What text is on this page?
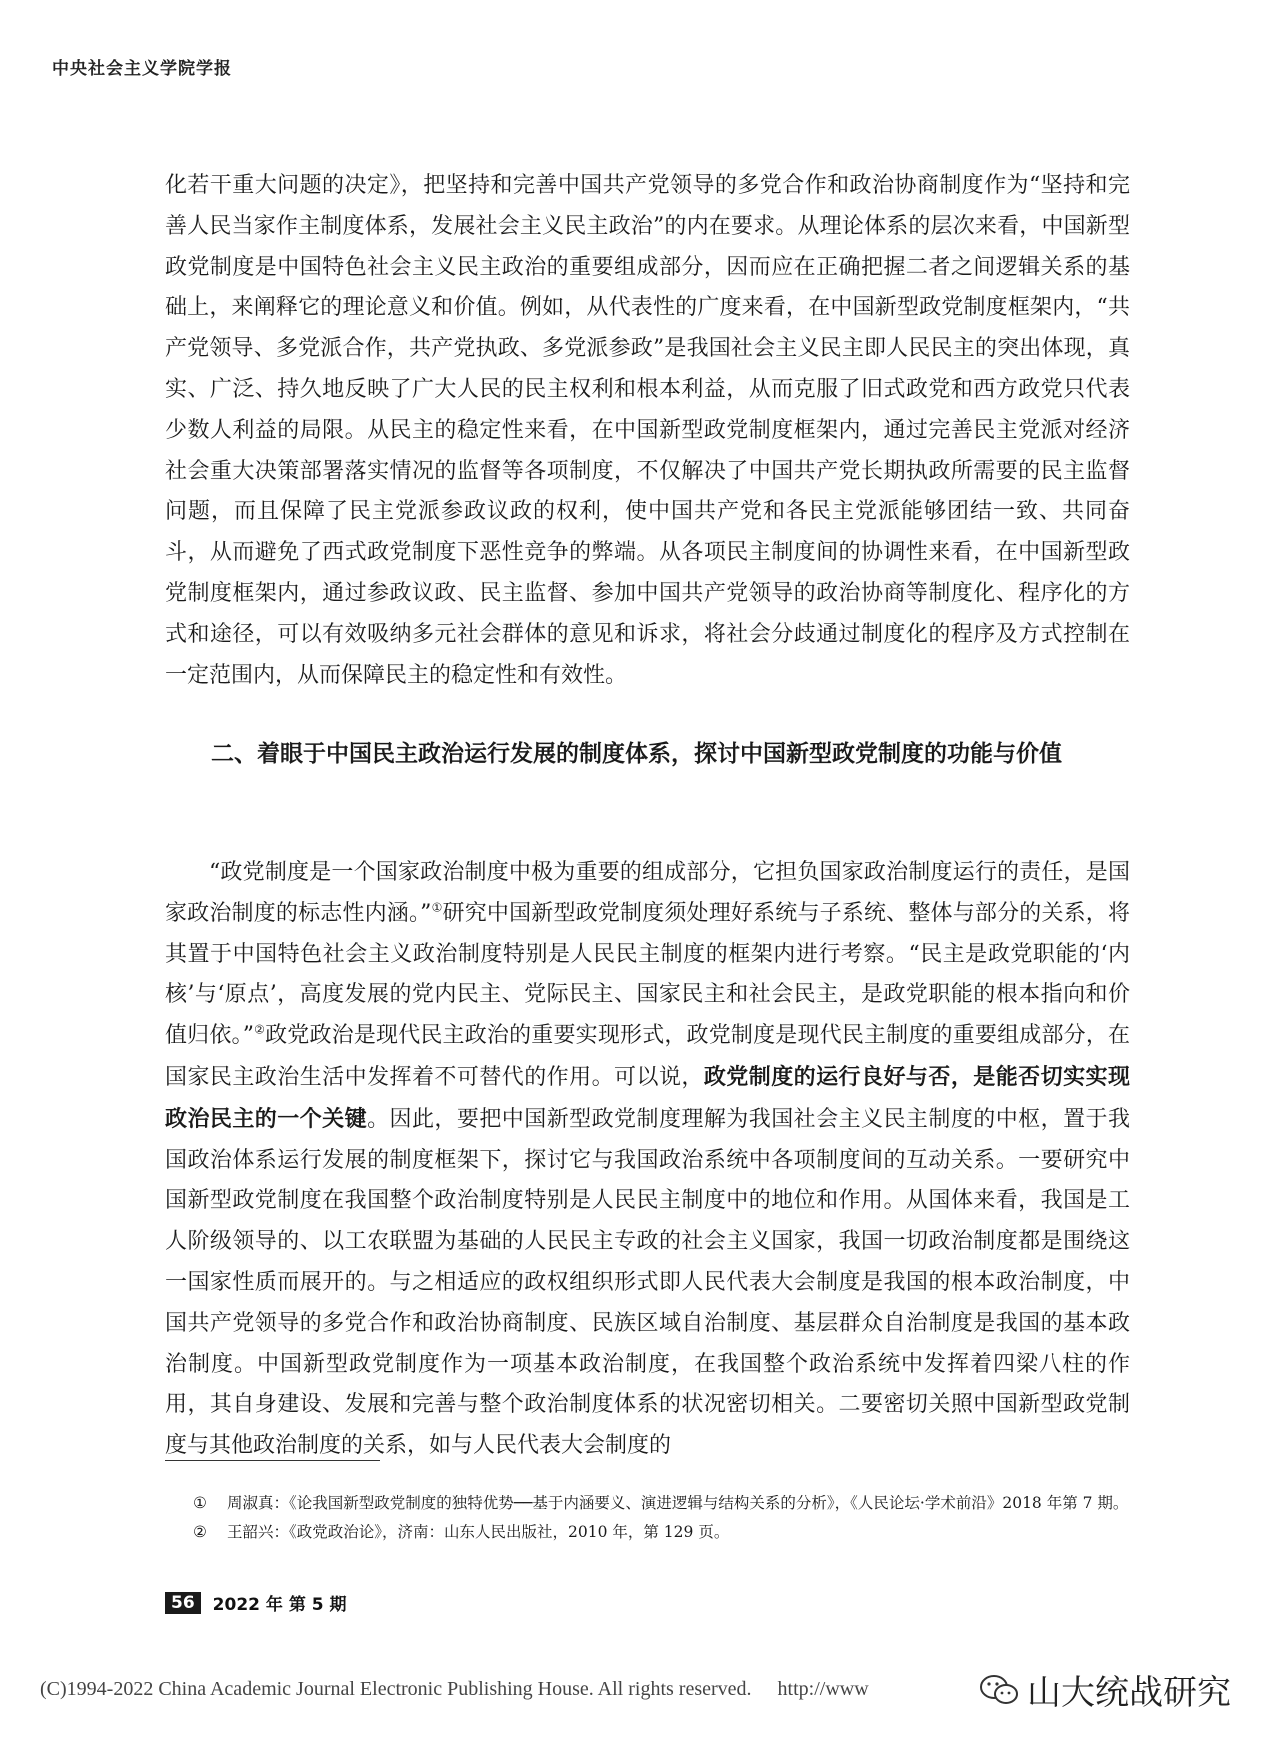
中央社会主义学院学报

化若干重大问题的决定》，把坚持和完善中国共产党领导的多党合作和政治协商制度作为“坚持和完善人民当家作主制度体系，发展社会主义民主政治”的内在要求。从理论体系的层次来看，中国新型政党制度是中国特色社会主义民主政治的重要组成部分，因而应在正确把握二者之间逻辑关系的基础上，来阐释它的理论意义和价值。例如，从代表性的广度来看，在中国新型政党制度框架内，“共产党领导、多党派合作，共产党执政、多党派参政”是我国社会主义民主即人民民主的突出体现，真实、广泛、持久地反映了广大人民的民主权利和根本利益，从而克服了旧式政党和西方政党只代表少数人利益的局限。从民主的稳定性来看，在中国新型政党制度框架内，通过完善民主党派对经济社会重大决策部署落实情况的监督等各项制度，不仅解决了中国共产党长期执政所需要的民主监督问题，而且保障了民主党派参政议政的权利，使中国共产党和各民主党派能够团结一致、共同奋斗，从而避免了西式政党制度下恶性竞争的弊端。从各项民主制度间的协调性来看，在中国新型政党制度框架内，通过参政议政、民主监督、参加中国共产党领导的政治协商等制度化、程序化的方式和途径，可以有效吸纳多元社会群体的意见和诉求，将社会分歧通过制度化的程序及方式控制在一定范围内，从而保障民主的稳定性和有效性。

二、着眼于中国民主政治运行发展的制度体系，探讨中国新型政党制度的功能与价值

“政党制度是一个国家政治制度中极为重要的组成部分，它担负国家政治制度运行的责任，是国家政治制度的标志性内涵。”①研究中国新型政党制度须处理好系统与子系统、整体与部分的关系，将其置于中国特色社会主义政治制度特别是人民民主制度的框架内进行考察。“民主是政党职能的‘内核’与‘原点’，高度发展的党内民主、党际民主、国家民主和社会民主，是政党职能的根本指向和价值归依。”②政党政治是现代民主政治的重要实现形式，政党制度是现代民主制度的重要组成部分，在国家民主政治生活中发挥着不可替代的作用。可以说，政党制度的运行良好与否，是能否切实实现政治民主的一个关键。因此，要把中国新型政党制度理解为我国社会主义民主制度的中枢，置于我国政治体系运行发展的制度框架下，探讨它与我国政治系统中各项制度间的互动关系。一要研究中国新型政党制度在我国整个政治制度特别是人民民主制度中的地位和作用。从国体来看，我国是工人阶级领导的、以工农联盟为基础的人民民主专政的社会主义国家，我国一切政治制度都是围绕这一国家性质而展开的。与之相适应的政权组织形式即人民代表大会制度是我国的根本政治制度，中国共产党领导的多党合作和政治协商制度、民族区域自治制度、基层群众自治制度是我国的基本政治制度。中国新型政党制度作为一项基本政治制度，在我国整个政治系统中发挥着四梁八柱的作用，其自身建设、发展和完善与整个政治制度体系的状况密切相关。二要密切关照中国新型政党制度与其他政治制度的关系，如与人民代表大会制度的

① 周淑真：《论我国新型政党制度的独特优势──基于内涵要义、演进逻辑与结构关系的分析》，《人民论坛·学术前沿》2018 年第 7 期。

② 王韶兴：《政党政治论》，济南：山东人民出版社，2010 年，第 129 页。

56	2022 年 第 5 期
(C)1994-2022 China Academic Journal Electronic Publishing House. All rights reserved. http://www	山大统战研究
